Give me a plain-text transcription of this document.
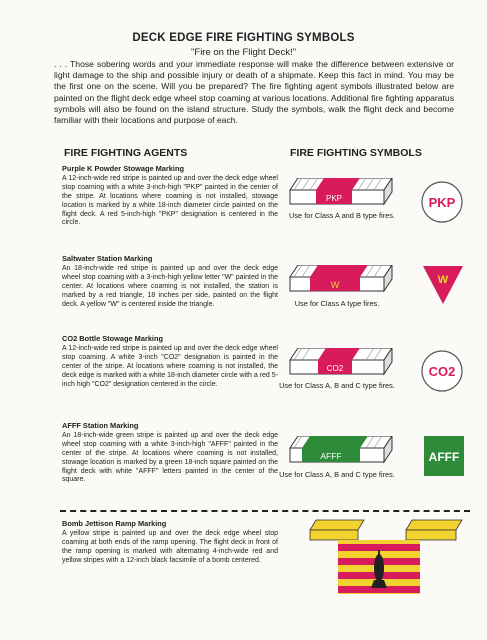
DECK EDGE FIRE FIGHTING SYMBOLS
"Fire on the Flight Deck!"
. . . Those sobering words and your immediate response will make the difference between extensive or light damage to the ship and possible injury or death of a shipmate. Keep this fact in mind. You may be the first one on the scene. Will you be prepared? The fire fighting agent symbols illustrated below are painted on the flight deck edge wheel stop coaming at various locations. Additional fire fighting apparatus symbols will also be found on the island structure. Study the symbols, walk the flight deck and become familiar with their locations and purpose of each.
FIRE FIGHTING AGENTS	FIRE FIGHTING SYMBOLS
Purple K Powder Stowage Marking
A 12-inch-wide red stripe is painted up and over the deck edge wheel stop coaming with a white 3-inch-high "PKP" painted in the center of the stripe. At locations where coaming is not installed, stowage location is marked by a white 18-inch diameter circle painted on the flight deck. A red 5-inch-high "PKP" designation is centered in the circle.
PKP
Use for Class A and B type fires.
PKP
Saltwater Station Marking
An 18-inch-wide red stripe is painted up and over the deck edge wheel stop coaming with a 3-inch-high yellow letter "W" painted in the center. At locations where coaming is not installed, the station is marked by a red triangle, 18 inches per side, painted on the flight deck. A yellow "W" is centered inside the triangle.
W
Use for Class A type fires.
W
CO2 Bottle Stowage Marking
A 12-inch-wide red stripe is painted up and over the deck edge wheel stop coaming. A white 3-inch "CO2" designation is painted in the center of the stripe. At locations where coaming is not installed, the deck edge is marked with a white 18-inch diameter circle with a red 5-inch high "CO2" designation centered in the circle.
CO2
Use for Class A, B and C type fires.
CO2
AFFF Station Marking
An 18-inch-wide green stripe is painted up and over the deck edge wheel stop coaming with a white 3-inch-high "AFFF" painted in the center of the stripe. At locations where coaming is not installed, stowage location is marked by a green 18-inch square painted on the flight deck with white "AFFF" letters painted in the center of the square.
AFFF
Use for Class A, B and C type fires.
AFFF
Bomb Jettison Ramp Marking
A yellow stripe is painted up and over the deck edge wheel stop coaming at both ends of the ramp opening. The flight deck in front of the ramp opening is marked with alternating 4-inch-wide red and yellow stripes with a 12-inch black facsimile of a bomb centered.
